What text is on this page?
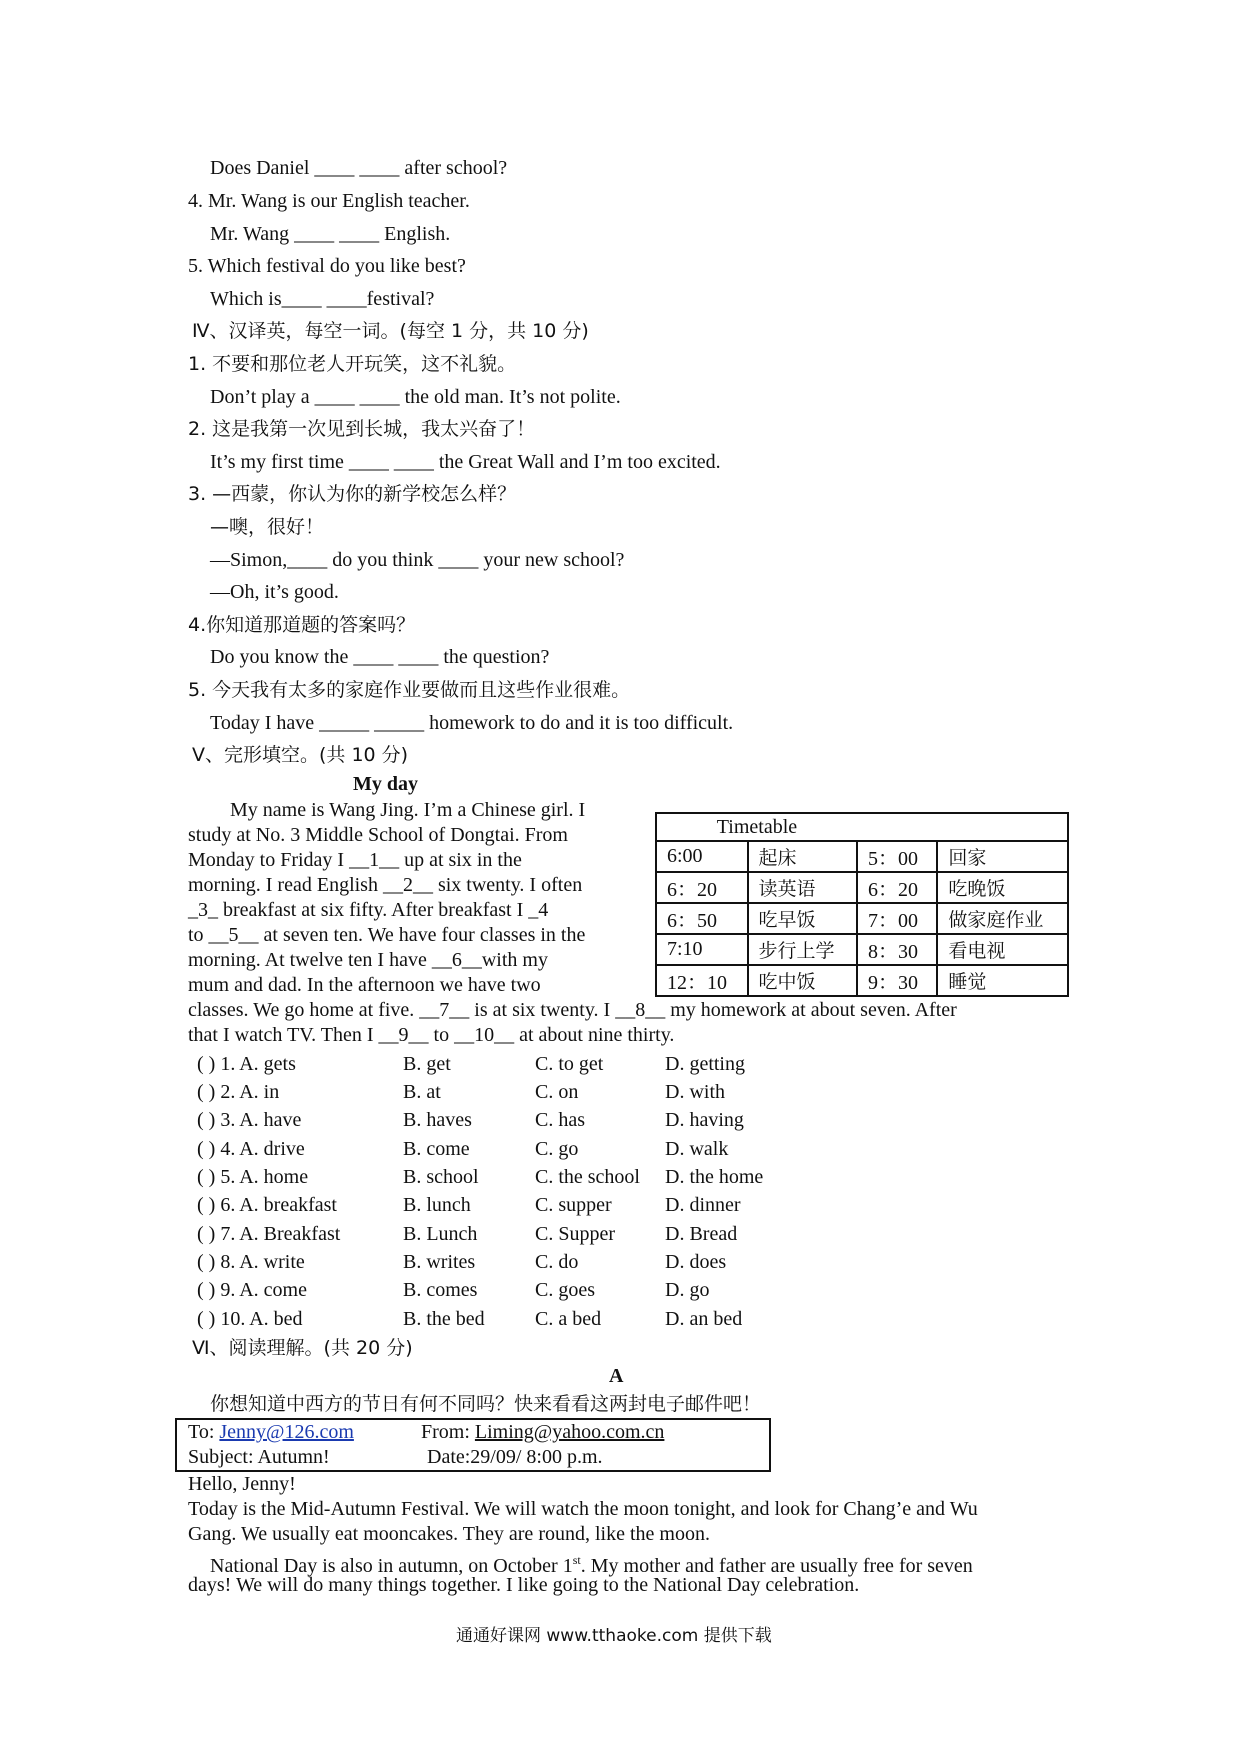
Does Daniel ____ ____ after school?
4. Mr. Wang is our English teacher.
Mr. Wang ____ ____ English.
5. Which festival do you like best?
Which is____ ____festival?
Ⅳ、汉译英，每空一词。(每空 1 分，共 10 分)
1. 不要和那位老人开玩笑，这不礼貌。
Don’t play a ____ ____ the old man. It’s not polite.
2. 这是我第一次见到长城，我太兴奋了！
It’s my first time ____ ____ the Great Wall and I’m too excited.
3. —西蒙，你认为你的新学校怎么样？
—噢，很好！
—Simon,____ do you think ____ your new school?
—Oh, it’s good.
4.你知道那道题的答案吗？
Do you know the ____ ____ the question?
5. 今天我有太多的家庭作业要做而且这些作业很难。
Today I have _____ _____ homework to do and it is too difficult.
Ⅴ、完形填空。(共 10 分)
My day
My name is Wang Jing. I’m a Chinese girl. I
study at No. 3 Middle School of Dongtai. From
Monday to Friday I __1__ up at six in the
morning. I read English __2__ six twenty. I often
_3_ breakfast at six fifty. After breakfast I _4
to __5__ at seven ten. We have four classes in the
morning. At twelve ten I have __6__with my
mum and dad. In the afternoon we have two
classes. We go home at five. __7__ is at six twenty. I __8__ my homework at about seven. After
that I watch TV. Then I __9__ to __10__ at about nine thirty.
Timetable			
6:00	起床	5：00	回家
6：20	读英语	6：20	吃晚饭
6：50	吃早饭	7：00	做家庭作业
7:10	步行上学	8：30	看电视
12：10	吃中饭	9：30	睡觉
( ) 1. A. gets	B. get	C. to get	D. getting
( ) 2. A. in	B. at	C. on	D. with
( ) 3. A. have	B. haves	C. has	D. having
( ) 4. A. drive	B. come	C. go	D. walk
( ) 5. A. home	B. school	C. the school D. the home
( ) 6. A. breakfast	B. lunch	C. supper	D. dinner
( ) 7. A. Breakfast	B. Lunch	C. Supper	D. Bread
( ) 8. A. write	B. writes	C. do	D. does
( ) 9. A. come	B. comes	C. goes	D. go
( ) 10. A. bed	B. the bed	C. a bed	D. an bed
Ⅵ、阅读理解。(共 20 分)
A
你想知道中西方的节日有何不同吗？快来看看这两封电子邮件吧！
To: Jenny@126.com	From: Liming@yahoo.com.cn
Subject: Autumn!	Date:29/09/ 8:00 p.m.
Hello, Jenny!
Today is the Mid-Autumn Festival. We will watch the moon tonight, and look for Chang’e and Wu
Gang. We usually eat mooncakes. They are round, like the moon.
National Day is also in autumn, on October 1st. My mother and father are usually free for seven
days! We will do many things together. I like going to the National Day celebration.
通通好课网 www.tthaoke.com 提供下载
